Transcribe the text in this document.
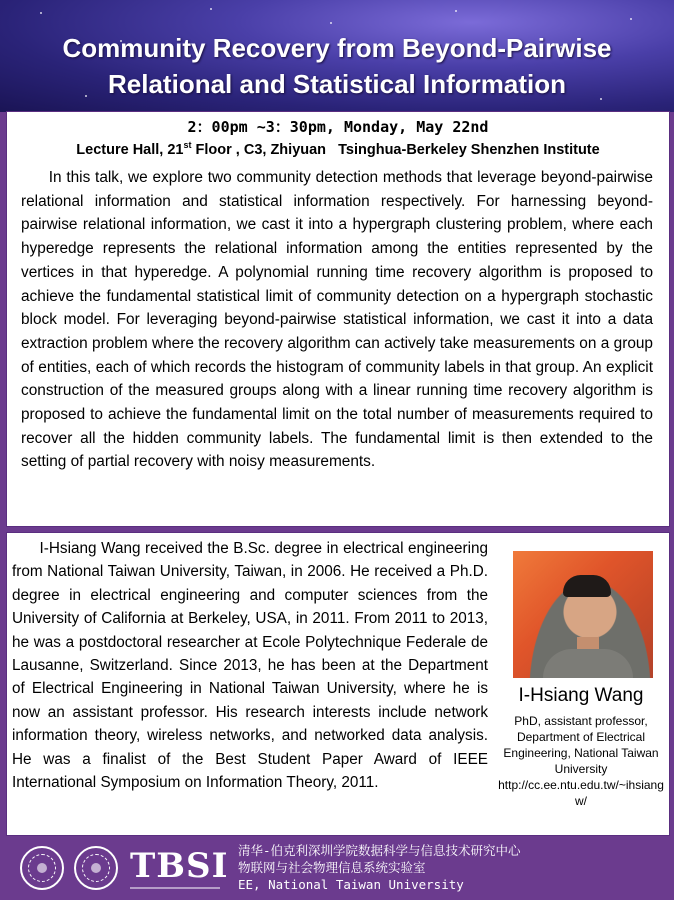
Community Recovery from Beyond-Pairwise
Relational and Statistical Information
2：00pm ~3：30pm, Monday, May 22nd
Lecture Hall, 21st Floor , C3, Zhiyuan   Tsinghua-Berkeley Shenzhen Institute

In this talk, we explore two community detection methods that leverage beyond-pairwise relational information and statistical information respectively. For harnessing beyond-pairwise relational information, we cast it into a hypergraph clustering problem, where each hyperedge represents the relational information among the entities represented by the vertices in that hyperedge. A polynomial running time recovery algorithm is proposed to achieve the fundamental statistical limit of community detection on a hypergraph stochastic block model. For leveraging beyond-pairwise statistical information, we cast it into a data extraction problem where the recovery algorithm can actively take measurements on a group of entities, each of which records the histogram of community labels in that group. An explicit construction of the measured groups along with a linear running time recovery algorithm is proposed to achieve the fundamental limit on the total number of measurements required to recover all the hidden community labels. The fundamental limit is then extended to the setting of partial recovery with noisy measurements.

I-Hsiang Wang received the B.Sc. degree in electrical engineering from National Taiwan University, Taiwan, in 2006. He received a Ph.D. degree in electrical engineering and computer sciences from the University of California at Berkeley, USA, in 2011. From 2011 to 2013, he was a postdoctoral researcher at Ecole Polytechnique Federale de Lausanne, Switzerland. Since 2013, he has been at the Department of Electrical Engineering in National Taiwan University, where he is now an assistant professor. His research interests include network information theory, wireless networks, and networked data analysis. He was a finalist of the Best Student Paper Award of IEEE International Symposium on Information Theory, 2011.

I-Hsiang Wang

PhD, assistant professor,
Department of Electrical
Engineering, National Taiwan
University
http://cc.ee.ntu.edu.tw/~ihsiangw/

TBSI 清华-伯克利深圳学院数据科学与信息技术研究中心
物联网与社会物理信息系统实验室
EE, National Taiwan University
